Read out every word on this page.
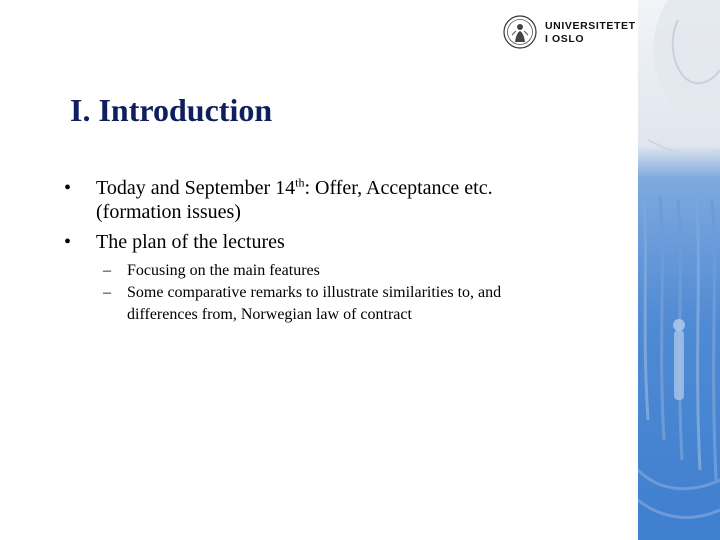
UNIVERSITETET
I OSLO
I. Introduction
• Today and September 14th: Offer, Acceptance etc.
(formation issues)
• The plan of the lectures
– Focusing on the main features
– Some comparative remarks to illustrate similarities to, and
differences from, Norwegian law of contract
